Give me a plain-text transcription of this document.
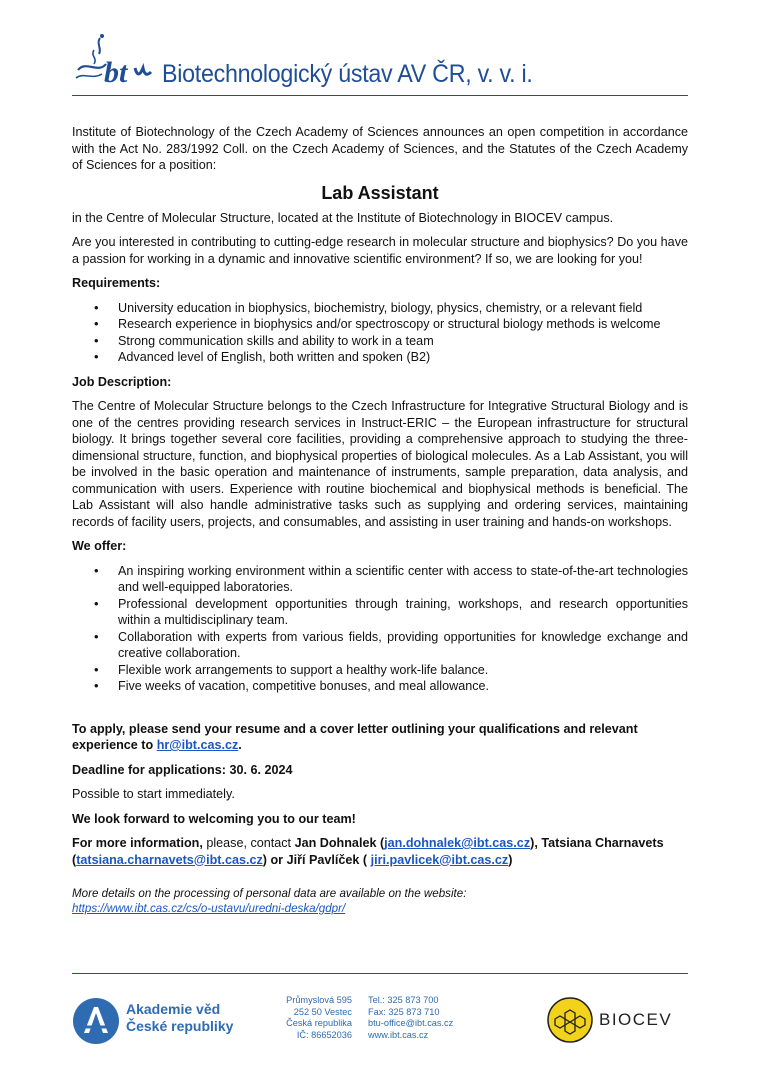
bt Biotechnologický ústav AV ČR, v. v. i.

Institute of Biotechnology of the Czech Academy of Sciences announces an open competition in accordance with the Act No. 283/1992 Coll. on the Czech Academy of Sciences, and the Statutes of the Czech Academy of Sciences for a position:

Lab Assistant

in the Centre of Molecular Structure, located at the Institute of Biotechnology in BIOCEV campus.

Are you interested in contributing to cutting-edge research in molecular structure and biophysics? Do you have a passion for working in a dynamic and innovative scientific environment? If so, we are looking for you!

Requirements:

• University education in biophysics, biochemistry, biology, physics, chemistry, or a relevant field
• Research experience in biophysics and/or spectroscopy or structural biology methods is welcome
• Strong communication skills and ability to work in a team
• Advanced level of English, both written and spoken (B2)

Job Description:

The Centre of Molecular Structure belongs to the Czech Infrastructure for Integrative Structural Biology and is one of the centres providing research services in Instruct-ERIC – the European infrastructure for structural biology. It brings together several core facilities, providing a comprehensive approach to studying the three-dimensional structure, function, and biophysical properties of biological molecules. As a Lab Assistant, you will be involved in the basic operation and maintenance of instruments, sample preparation, data analysis, and communication with users. Experience with routine biochemical and biophysical methods is beneficial. The Lab Assistant will also handle administrative tasks such as supplying and ordering services, maintaining records of facility users, projects, and consumables, and assisting in user training and hands-on workshops.

We offer:

• An inspiring working environment within a scientific center with access to state-of-the-art technologies and well-equipped laboratories.
• Professional development opportunities through training, workshops, and research opportunities within a multidisciplinary team.
• Collaboration with experts from various fields, providing opportunities for knowledge exchange and creative collaboration.
• Flexible work arrangements to support a healthy work-life balance.
• Five weeks of vacation, competitive bonuses, and meal allowance.

To apply, please send your resume and a cover letter outlining your qualifications and relevant experience to hr@ibt.cas.cz.

Deadline for applications: 30. 6. 2024

Possible to start immediately.

We look forward to welcoming you to our team!

For more information, please, contact Jan Dohnalek (jan.dohnalek@ibt.cas.cz), Tatsiana Charnavets (tatsiana.charnavets@ibt.cas.cz) or Jiří Pavlíček ( jiri.pavlicek@ibt.cas.cz)

More details on the processing of personal data are available on the website:

https://www.ibt.cas.cz/cs/o-ustavu/uredni-deska/gdpr/

Akademie věd
České republiky
Průmyslová 595
252 50 Vestec
Česká republika
IČ: 86652036
Tel.: 325 873 700
Fax: 325 873 710
btu-office@ibt.cas.cz
www.ibt.cas.cz
BIOCEV
